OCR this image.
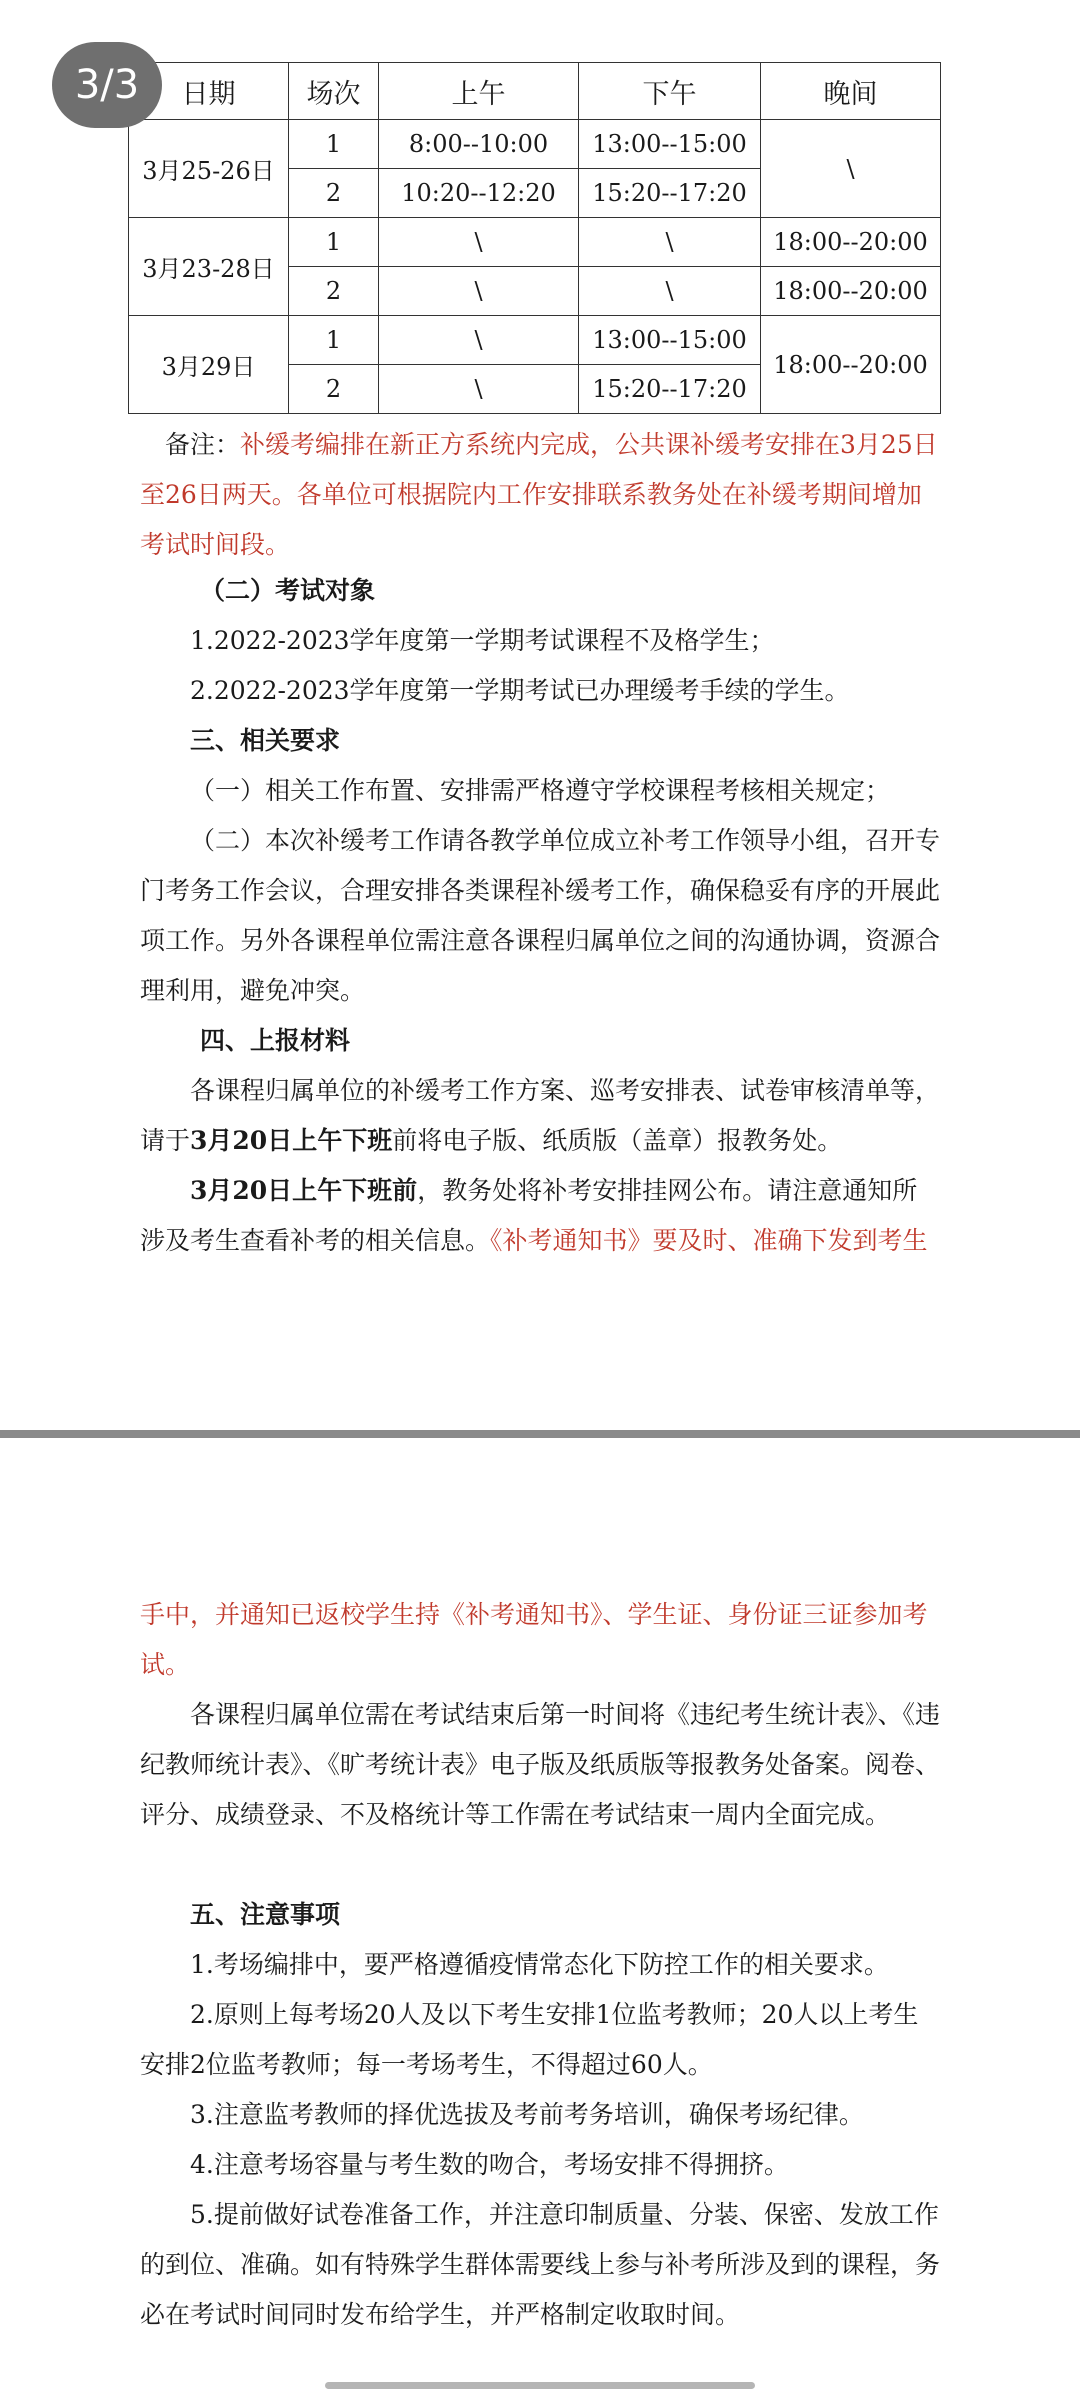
3/3	日期	场次	上午	下午	晚间
3月25-26日	1	8:00--10:00	13:00--15:00	\
	2	10:20--12:20	15:20--17:20	
3月23-28日	1	\	\	18:00--20:00
	2	\	\	18:00--20:00
3月29日	1	\	13:00--15:00	18:00--20:00
	2	\	15:20--17:20	
备注：补缓考编排在新正方系统内完成，公共课补缓考安排在3月25日至26日两天。各单位可根据院内工作安排联系教务处在补缓考期间增加考试时间段。
（二）考试对象
1.2022-2023学年度第一学期考试课程不及格学生；
2.2022-2023学年度第一学期考试已办理缓考手续的学生。
三、相关要求
（一）相关工作布置、安排需严格遵守学校课程考核相关规定；
（二）本次补缓考工作请各教学单位成立补考工作领导小组，召开专门考务工作会议，合理安排各类课程补缓考工作，确保稳妥有序的开展此项工作。另外各课程单位需注意各课程归属单位之间的沟通协调，资源合理利用，避免冲突。
四、上报材料
各课程归属单位的补缓考工作方案、巡考安排表、试卷审核清单等，请于3月20日上午下班前将电子版、纸质版（盖章）报教务处。
3月20日上午下班前，教务处将补考安排挂网公布。请注意通知所涉及考生查看补考的相关信息。《补考通知书》要及时、准确下发到考生
手中，并通知已返校学生持《补考通知书》、学生证、身份证三证参加考试。
各课程归属单位需在考试结束后第一时间将《违纪考生统计表》、《违纪教师统计表》、《旷考统计表》电子版及纸质版等报教务处备案。阅卷、评分、成绩登录、不及格统计等工作需在考试结束一周内全面完成。
五、注意事项
1.考场编排中，要严格遵循疫情常态化下防控工作的相关要求。
2.原则上每考场20人及以下考生安排1位监考教师；20人以上考生安排2位监考教师；每一考场考生，不得超过60人。
3.注意监考教师的择优选拔及考前考务培训，确保考场纪律。
4.注意考场容量与考生数的吻合，考场安排不得拥挤。
5.提前做好试卷准备工作，并注意印制质量、分装、保密、发放工作的到位、准确。如有特殊学生群体需要线上参与补考所涉及到的课程，务必在考试时间同时发布给学生，并严格制定收取时间。
